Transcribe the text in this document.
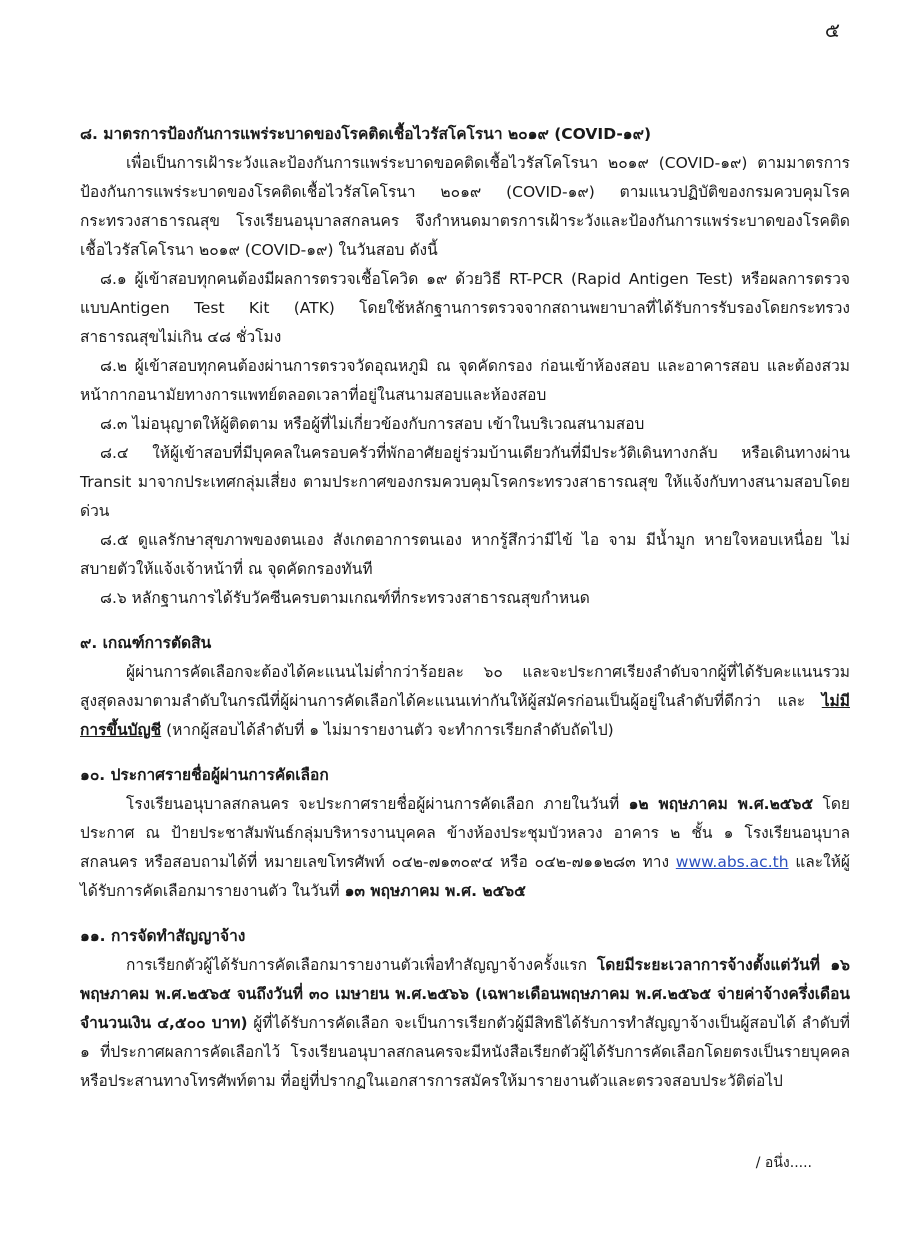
๕

๘. มาตรการป้องกันการแพร่ระบาดของโรคติดเชื้อไวรัสโคโรนา ๒๐๑๙ (COVID-๑๙)

เพื่อเป็นการเฝ้าระวังและป้องกันการแพร่ระบาดขอคติดเชื้อไวรัสโคโรนา ๒๐๑๙ (COVID-๑๙) ตามมาตรการป้องกันการแพร่ระบาดของโรคติดเชื้อไวรัสโคโรนา ๒๐๑๙ (COVID-๑๙) ตามแนวปฏิบัติของกรมควบคุมโรคกระทรวงสาธารณสุข โรงเรียนอนุบาลสกลนคร จึงกำหนดมาตรการเฝ้าระวังและป้องกันการแพร่ระบาดของโรคติดเชื้อไวรัสโคโรนา ๒๐๑๙ (COVID-๑๙) ในวันสอบ ดังนี้

๘.๑ ผู้เข้าสอบทุกคนต้องมีผลการตรวจเชื้อโควิด ๑๙ ด้วยวิธี RT-PCR (Rapid Antigen Test) หรือผลการตรวจแบบAntigen Test Kit (ATK) โดยใช้หลักฐานการตรวจจากสถานพยาบาลที่ได้รับการรับรองโดยกระทรวงสาธารณสุขไม่เกิน ๔๘ ชั่วโมง

๘.๒ ผู้เข้าสอบทุกคนต้องผ่านการตรวจวัดอุณหภูมิ ณ จุดคัดกรอง ก่อนเข้าห้องสอบ และอาคารสอบ และต้องสวมหน้ากากอนามัยทางการแพทย์ตลอดเวลาที่อยู่ในสนามสอบและห้องสอบ

๘.๓ ไม่อนุญาตให้ผู้ติดตาม หรือผู้ที่ไม่เกี่ยวข้องกับการสอบ เข้าในบริเวณสนามสอบ

๘.๔ ให้ผู้เข้าสอบที่มีบุคคลในครอบครัวที่พักอาศัยอยู่ร่วมบ้านเดียวกันที่มีประวัติเดินทางกลับ หรือเดินทางผ่าน Transit มาจากประเทศกลุ่มเสี่ยง ตามประกาศของกรมควบคุมโรคกระทรวงสาธารณสุข ให้แจ้งกับทางสนามสอบโดยด่วน

๘.๕ ดูแลรักษาสุขภาพของตนเอง สังเกตอาการตนเอง หากรู้สึกว่ามีไข้ ไอ จาม มีน้ำมูก หายใจหอบเหนื่อย ไม่สบายตัวให้แจ้งเจ้าหน้าที่ ณ จุดคัดกรองทันที

๘.๖ หลักฐานการได้รับวัคซีนครบตามเกณฑ์ที่กระทรวงสาธารณสุขกำหนด

๙. เกณฑ์การตัดสิน

ผู้ผ่านการคัดเลือกจะต้องได้คะแนนไม่ต่ำกว่าร้อยละ ๖๐ และจะประกาศเรียงลำดับจากผู้ที่ได้รับคะแนนรวมสูงสุดลงมาตามลำดับในกรณีที่ผู้ผ่านการคัดเลือกได้คะแนนเท่ากันให้ผู้สมัครก่อนเป็นผู้อยู่ในลำดับที่ดีกว่า และ ไม่มีการขึ้นบัญชี (หากผู้สอบได้ลำดับที่ ๑ ไม่มารายงานตัว จะทำการเรียกลำดับถัดไป)

๑๐. ประกาศรายชื่อผู้ผ่านการคัดเลือก

โรงเรียนอนุบาลสกลนคร จะประกาศรายชื่อผู้ผ่านการคัดเลือก ภายในวันที่ ๑๒ พฤษภาคม พ.ศ.๒๕๖๕ โดยประกาศ ณ ป้ายประชาสัมพันธ์กลุ่มบริหารงานบุคคล ข้างห้องประชุมบัวหลวง อาคาร ๒ ชั้น ๑ โรงเรียนอนุบาลสกลนคร หรือสอบถามได้ที่ หมายเลขโทรศัพท์ ๐๔๒-๗๑๓๐๙๔ หรือ ๐๔๒-๗๑๑๒๘๓ ทาง www.abs.ac.th และให้ผู้ได้รับการคัดเลือกมารายงานตัว ในวันที่ ๑๓ พฤษภาคม พ.ศ. ๒๕๖๕

๑๑. การจัดทำสัญญาจ้าง

การเรียกตัวผู้ได้รับการคัดเลือกมารายงานตัวเพื่อทำสัญญาจ้างครั้งแรก โดยมีระยะเวลาการจ้างตั้งแต่วันที่ ๑๖ พฤษภาคม พ.ศ.๒๕๖๕ จนถึงวันที่ ๓๐ เมษายน พ.ศ.๒๕๖๖ (เฉพาะเดือนพฤษภาคม พ.ศ.๒๕๖๕ จ่ายค่าจ้างครึ่งเดือน จำนวนเงิน ๔,๕๐๐ บาท) ผู้ที่ได้รับการคัดเลือก จะเป็นการเรียกตัวผู้มีสิทธิได้รับการทำสัญญาจ้างเป็นผู้สอบได้ ลำดับที่ ๑ ที่ประกาศผลการคัดเลือกไว้ โรงเรียนอนุบาลสกลนครจะมีหนังสือเรียกตัวผู้ได้รับการคัดเลือกโดยตรงเป็นรายบุคคลหรือประสานทางโทรศัพท์ตาม ที่อยู่ที่ปรากฏในเอกสารการสมัครให้มารายงานตัวและตรวจสอบประวัติต่อไป

/ อนึ่ง.....
